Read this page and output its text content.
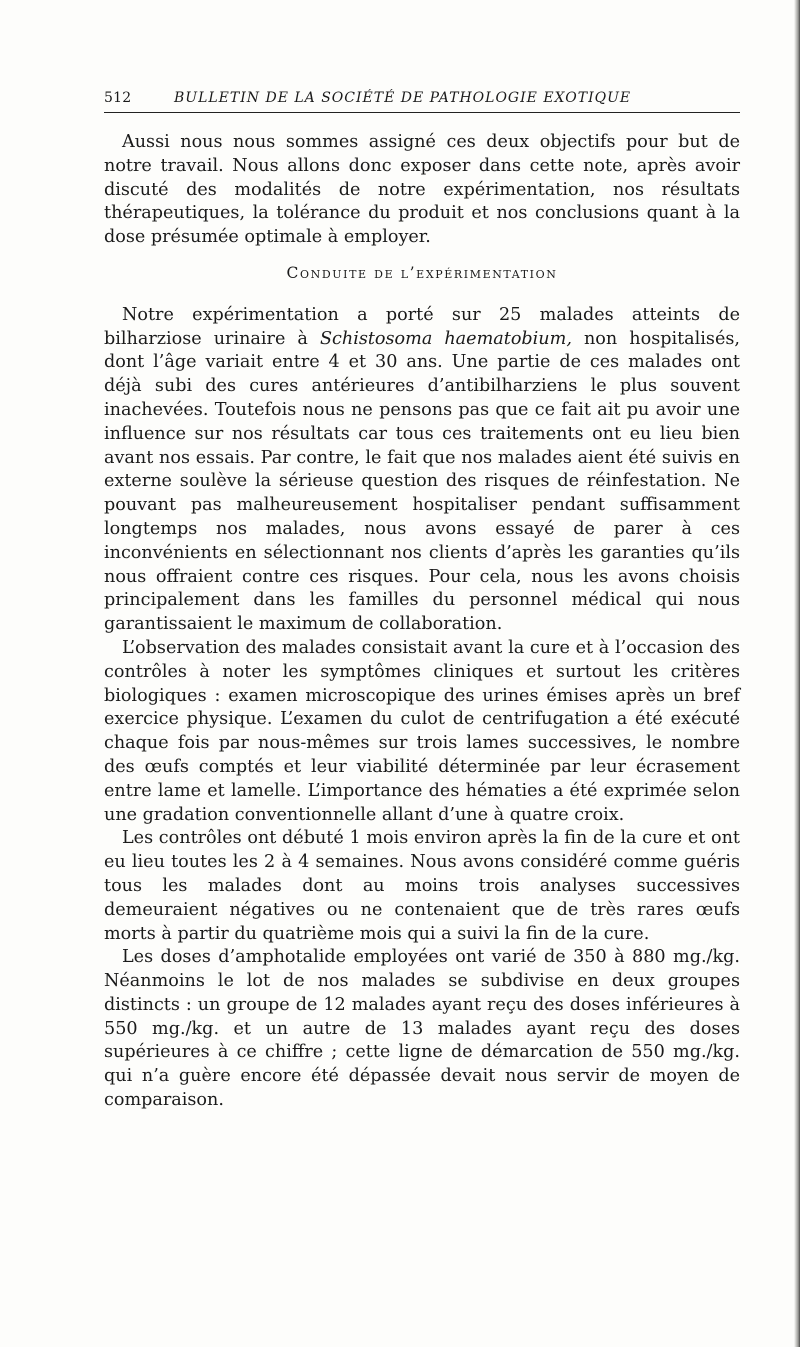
512	BULLETIN DE LA SOCIÉTÉ DE PATHOLOGIE EXOTIQUE

Aussi nous nous sommes assigné ces deux objectifs pour but de notre travail. Nous allons donc exposer dans cette note, après avoir discuté des modalités de notre expérimentation, nos résultats thérapeutiques, la tolérance du produit et nos conclusions quant à la dose présumée optimale à employer.

Conduite de l’expérimentation

Notre expérimentation a porté sur 25 malades atteints de bilharziose urinaire à Schistosoma haematobium, non hospitalisés, dont l’âge variait entre 4 et 30 ans. Une partie de ces malades ont déjà subi des cures antérieures d’antibilharziens le plus souvent inachevées. Toutefois nous ne pensons pas que ce fait ait pu avoir une influence sur nos résultats car tous ces traitements ont eu lieu bien avant nos essais. Par contre, le fait que nos malades aient été suivis en externe soulève la sérieuse question des risques de réinfestation. Ne pouvant pas malheureusement hospitaliser pendant suffisamment longtemps nos malades, nous avons essayé de parer à ces inconvénients en sélectionnant nos clients d’après les garanties qu’ils nous offraient contre ces risques. Pour cela, nous les avons choisis principalement dans les familles du personnel médical qui nous garantissaient le maximum de collaboration.

L’observation des malades consistait avant la cure et à l’occasion des contrôles à noter les symptômes cliniques et surtout les critères biologiques : examen microscopique des urines émises après un bref exercice physique. L’examen du culot de centrifugation a été exécuté chaque fois par nous-mêmes sur trois lames successives, le nombre des œufs comptés et leur viabilité déterminée par leur écrasement entre lame et lamelle. L’importance des hématies a été exprimée selon une gradation conventionnelle allant d’une à quatre croix.

Les contrôles ont débuté 1 mois environ après la fin de la cure et ont eu lieu toutes les 2 à 4 semaines. Nous avons considéré comme guéris tous les malades dont au moins trois analyses successives demeuraient négatives ou ne contenaient que de très rares œufs morts à partir du quatrième mois qui a suivi la fin de la cure.

Les doses d’amphotalide employées ont varié de 350 à 880 mg./kg. Néanmoins le lot de nos malades se subdivise en deux groupes distincts : un groupe de 12 malades ayant reçu des doses inférieures à 550 mg./kg. et un autre de 13 malades ayant reçu des doses supérieures à ce chiffre ; cette ligne de démarcation de 550 mg./kg. qui n’a guère encore été dépassée devait nous servir de moyen de comparaison.
